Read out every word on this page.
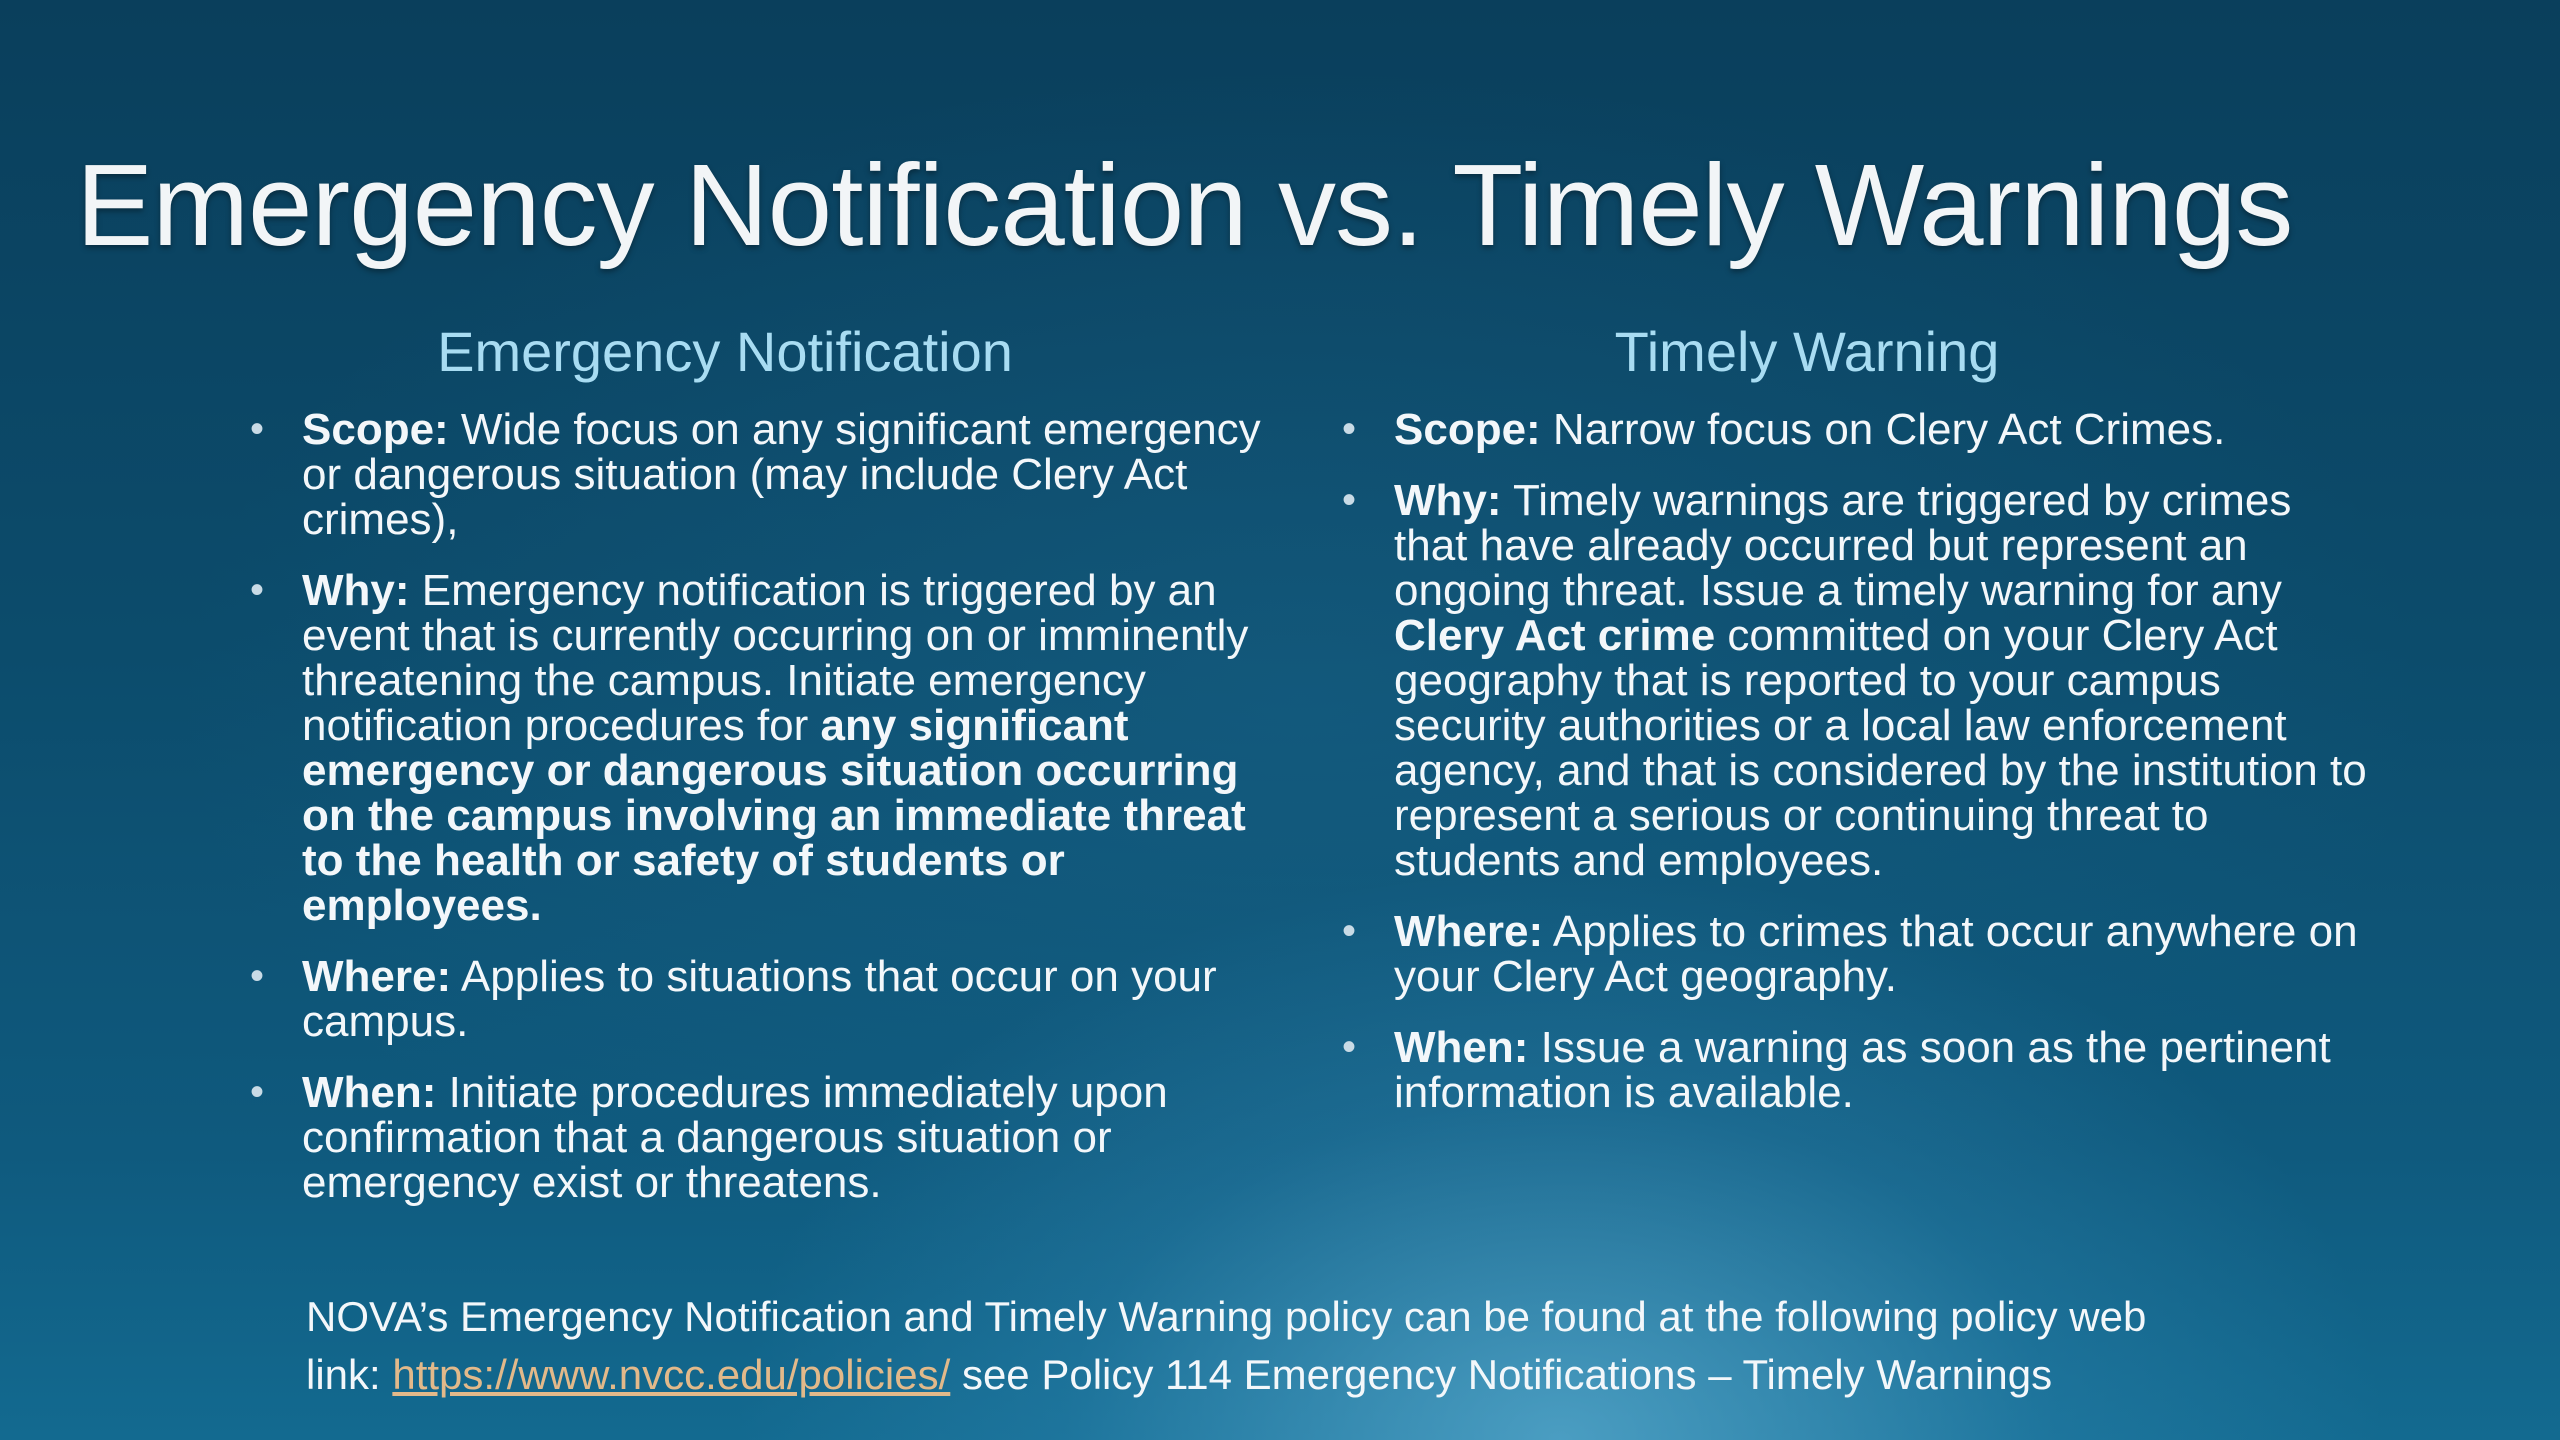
Emergency Notification vs. Timely Warnings
Emergency Notification
• Scope: Wide focus on any significant emergency or dangerous situation (may include Clery Act crimes),
• Why: Emergency notification is triggered by an event that is currently occurring on or imminently threatening the campus. Initiate emergency notification procedures for any significant emergency or dangerous situation occurring on the campus involving an immediate threat to the health or safety of students or employees.
• Where: Applies to situations that occur on your campus.
• When: Initiate procedures immediately upon confirmation that a dangerous situation or emergency exist or threatens.
Timely Warning
• Scope: Narrow focus on Clery Act Crimes.
• Why: Timely warnings are triggered by crimes that have already occurred but represent an ongoing threat. Issue a timely warning for any Clery Act crime committed on your Clery Act geography that is reported to your campus security authorities or a local law enforcement agency, and that is considered by the institution to represent a serious or continuing threat to students and employees.
• Where: Applies to crimes that occur anywhere on your Clery Act geography.
• When: Issue a warning as soon as the pertinent information is available.
NOVA’s Emergency Notification and Timely Warning policy can be found at the following policy web
link: https://www.nvcc.edu/policies/ see Policy 114 Emergency Notifications – Timely Warnings
